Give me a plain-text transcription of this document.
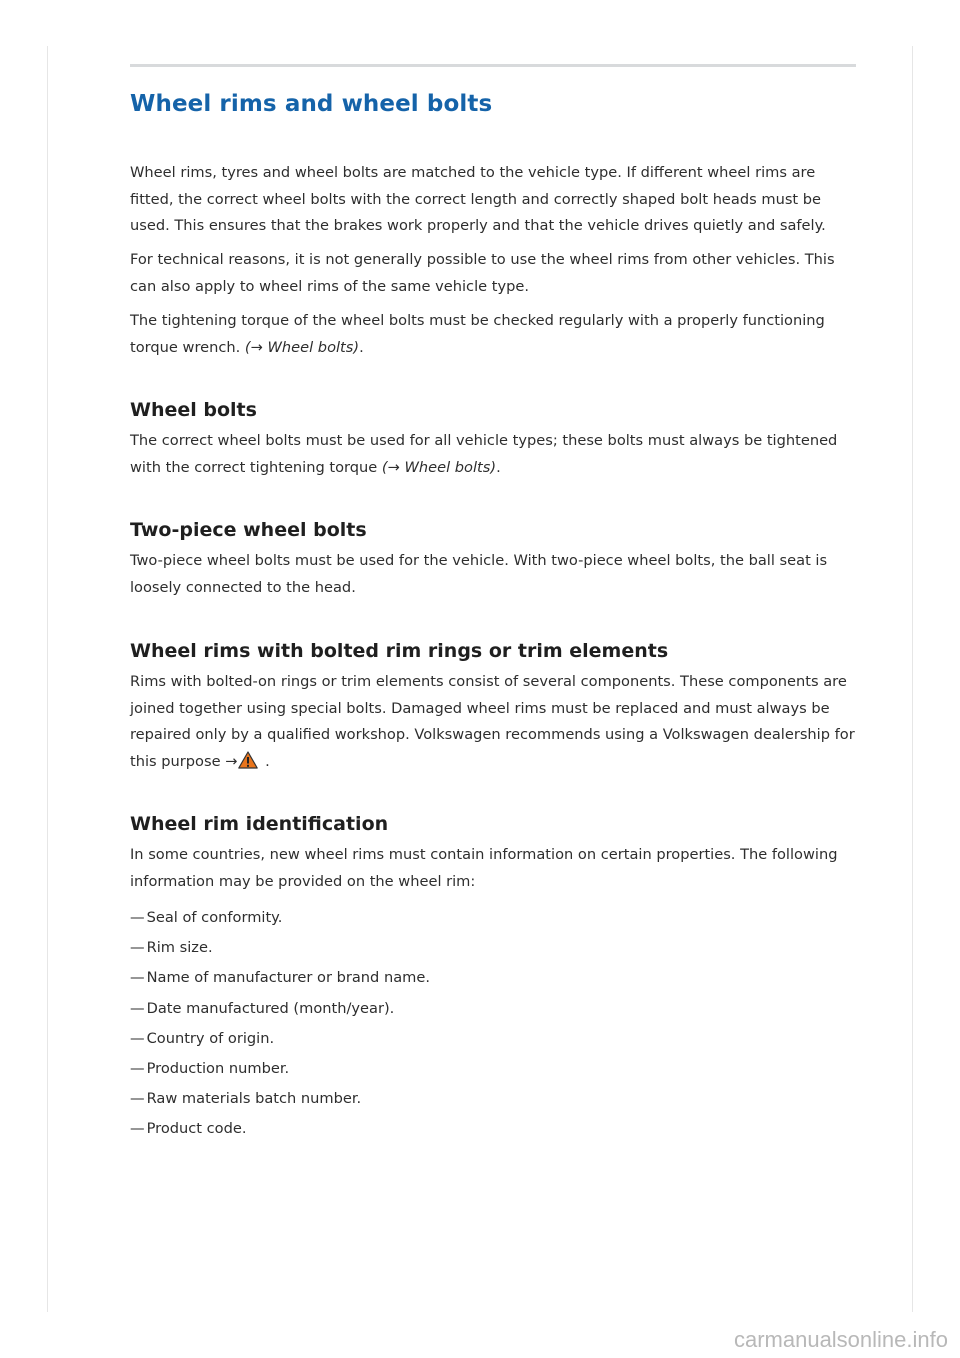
Wheel rims and wheel bolts

Wheel rims, tyres and wheel bolts are matched to the vehicle type. If different wheel rims are fitted, the correct wheel bolts with the correct length and correctly shaped bolt heads must be used. This ensures that the brakes work properly and that the vehicle drives quietly and safely.

For technical reasons, it is not generally possible to use the wheel rims from other vehicles. This can also apply to wheel rims of the same vehicle type.

The tightening torque of the wheel bolts must be checked regularly with a properly functioning torque wrench. (→ Wheel bolts).

Wheel bolts

The correct wheel bolts must be used for all vehicle types; these bolts must always be tightened with the correct tightening torque (→ Wheel bolts).

Two-piece wheel bolts

Two-piece wheel bolts must be used for the vehicle. With two-piece wheel bolts, the ball seat is loosely connected to the head.

Wheel rims with bolted rim rings or trim elements

Rims with bolted-on rings or trim elements consist of several components. These components are joined together using special bolts. Damaged wheel rims must be replaced and must always be repaired only by a qualified workshop. Volkswagen recommends using a Volkswagen dealership for this purpose → .

Wheel rim identification

In some countries, new wheel rims must contain information on certain properties. The following information may be provided on the wheel rim:

— Seal of conformity.
— Rim size.
— Name of manufacturer or brand name.
— Date manufactured (month/year).
— Country of origin.
— Production number.
— Raw materials batch number.
— Product code.
carmanualsonline.info
